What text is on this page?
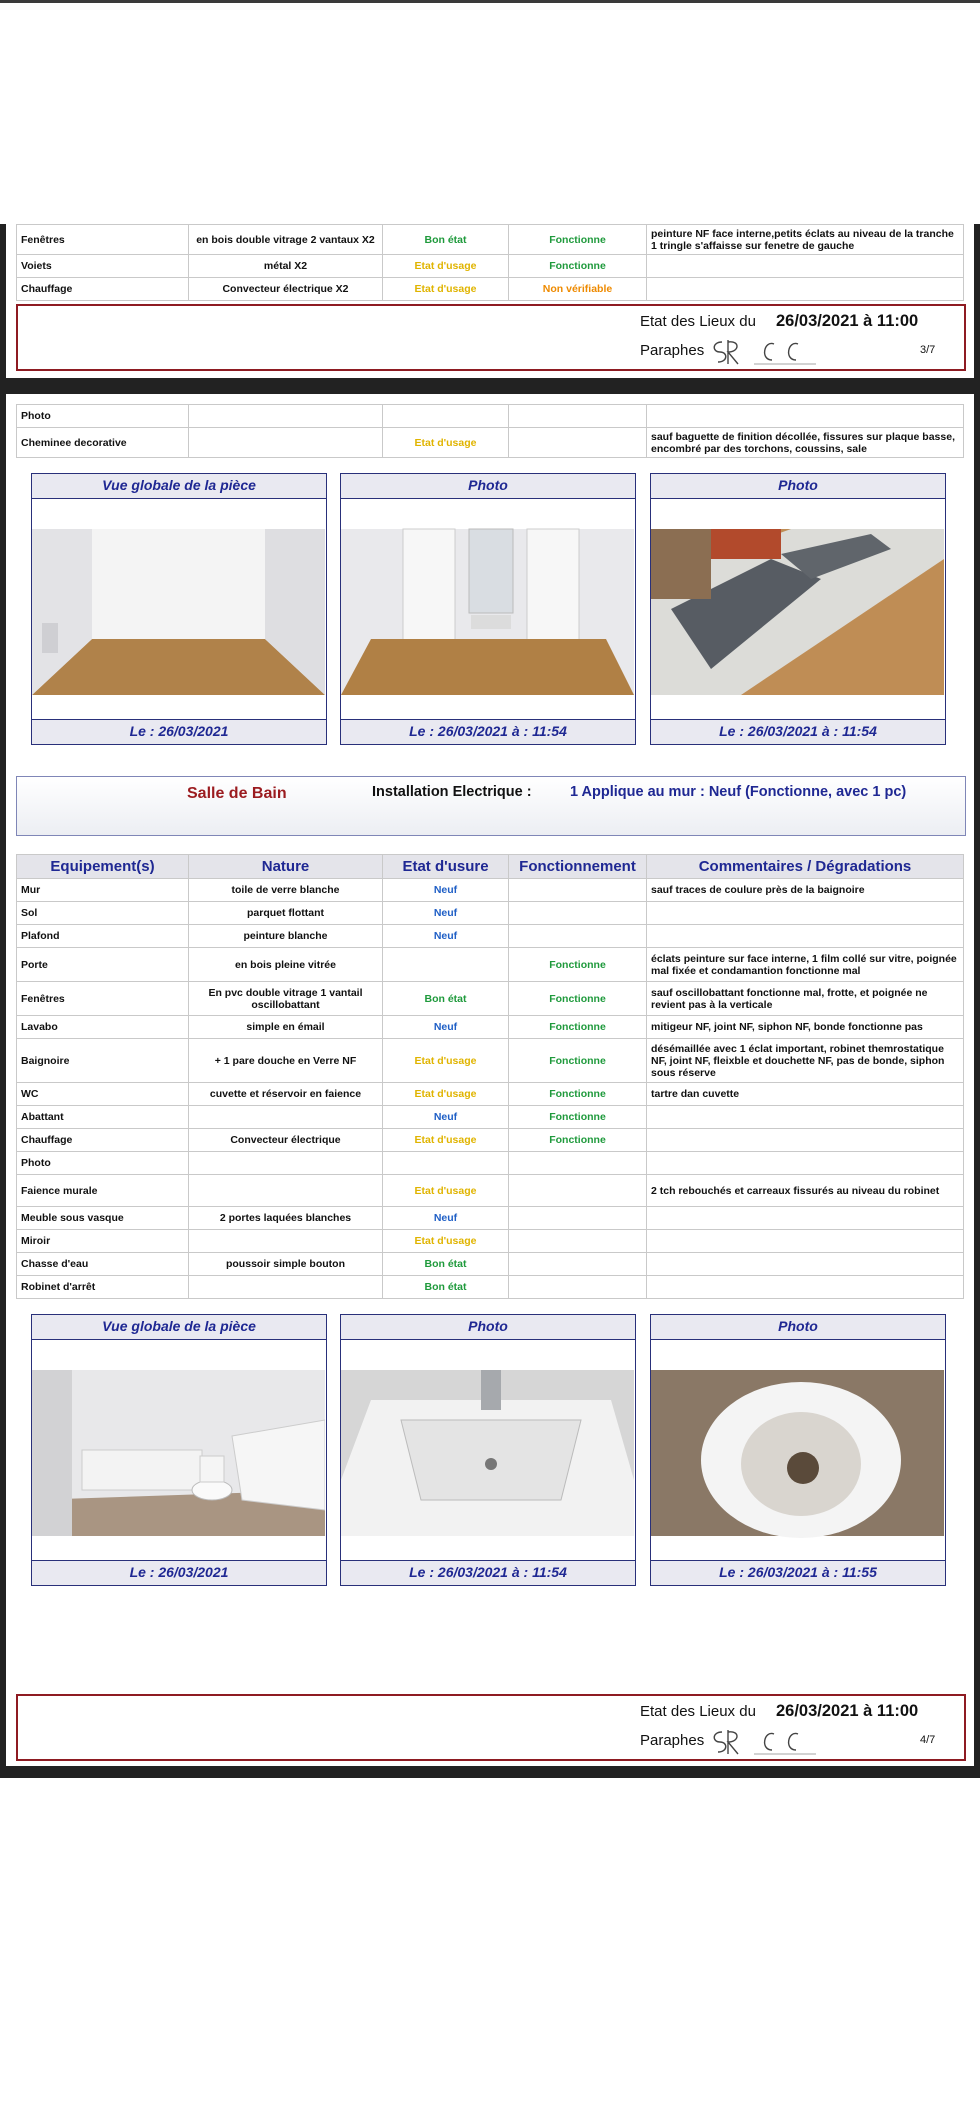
Fenêtres	en bois double vitrage 2 vantaux X2	Bon état	Fonctionne	peinture NF face interne,petits éclats au niveau de la tranche 1 tringle s'affaisse sur fenetre de gauche
Voiets	métal X2	Etat d'usage	Fonctionne	
Chauffage	Convecteur électrique X2	Etat d'usage	Non vérifiable	
Etat des Lieux du 26/03/2021 à 11:00
Paraphes	3/7
Photo				
Cheminee decorative		Etat d'usage		sauf baguette de finition décollée, fissures sur plaque basse, encombré par des torchons, coussins, sale
Vue globale de la pièce
Le : 26/03/2021
Photo
Le : 26/03/2021 à : 11:54
Photo
Le : 26/03/2021 à : 11:54
Salle de Bain	Installation Electrique :	1 Applique au mur : Neuf (Fonctionne, avec 1 pc)
Equipement(s)	Nature	Etat d'usure	Fonctionnement	Commentaires / Dégradations
Mur	toile de verre blanche	Neuf		sauf traces de coulure près de la baignoire
Sol	parquet flottant	Neuf		
Plafond	peinture blanche	Neuf		
Porte	en bois pleine vitrée		Fonctionne	éclats peinture sur face interne, 1 film collé sur vitre, poignée mal fixée et condamantion fonctionne mal
Fenêtres	En pvc double vitrage 1 vantail oscillobattant	Bon état	Fonctionne	sauf oscillobattant fonctionne mal, frotte, et poignée ne revient pas à la verticale
Lavabo	simple en émail	Neuf	Fonctionne	mitigeur NF, joint NF, siphon NF, bonde fonctionne pas
Baignoire	+ 1 pare douche en Verre NF	Etat d'usage	Fonctionne	désémaillée avec 1 éclat important, robinet themrostatique NF, joint NF, fleixble et douchette NF, pas de bonde, siphon sous réserve
WC	cuvette et réservoir en faience	Etat d'usage	Fonctionne	tartre dan cuvette
Abattant		Neuf	Fonctionne	
Chauffage	Convecteur électrique	Etat d'usage	Fonctionne	
Photo				
Faience murale		Etat d'usage		2 tch rebouchés et carreaux fissurés au niveau du robinet
Meuble sous vasque	2 portes laquées blanches	Neuf		
Miroir		Etat d'usage		
Chasse d'eau	poussoir simple bouton	Bon état		
Robinet d'arrêt		Bon état		
Vue globale de la pièce
Le : 26/03/2021
Photo
Le : 26/03/2021 à : 11:54
Photo
Le : 26/03/2021 à : 11:55
Etat des Lieux du 26/03/2021 à 11:00
Paraphes	4/7
